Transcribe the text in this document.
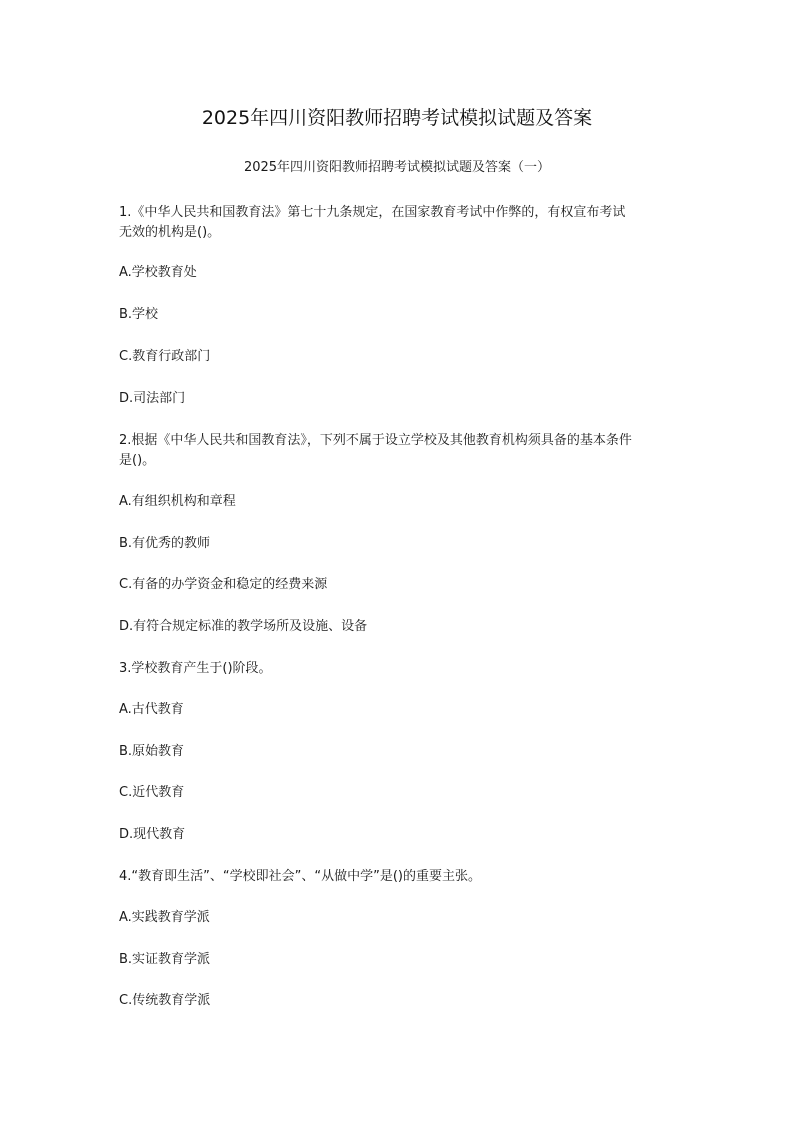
2025年四川资阳教师招聘考试模拟试题及答案
2025年四川资阳教师招聘考试模拟试题及答案（一）
1.《中华人民共和国教育法》第七十九条规定，在国家教育考试中作弊的，有权宣布考试
无效的机构是()。
A.学校教育处
B.学校
C.教育行政部门
D.司法部门
2.根据《中华人民共和国教育法》，下列不属于设立学校及其他教育机构须具备的基本条件
是()。
A.有组织机构和章程
B.有优秀的教师
C.有备的办学资金和稳定的经费来源
D.有符合规定标准的教学场所及设施、设备
3.学校教育产生于()阶段。
A.古代教育
B.原始教育
C.近代教育
D.现代教育
4.“教育即生活”、“学校即社会”、“从做中学”是()的重要主张。
A.实践教育学派
B.实证教育学派
C.传统教育学派
